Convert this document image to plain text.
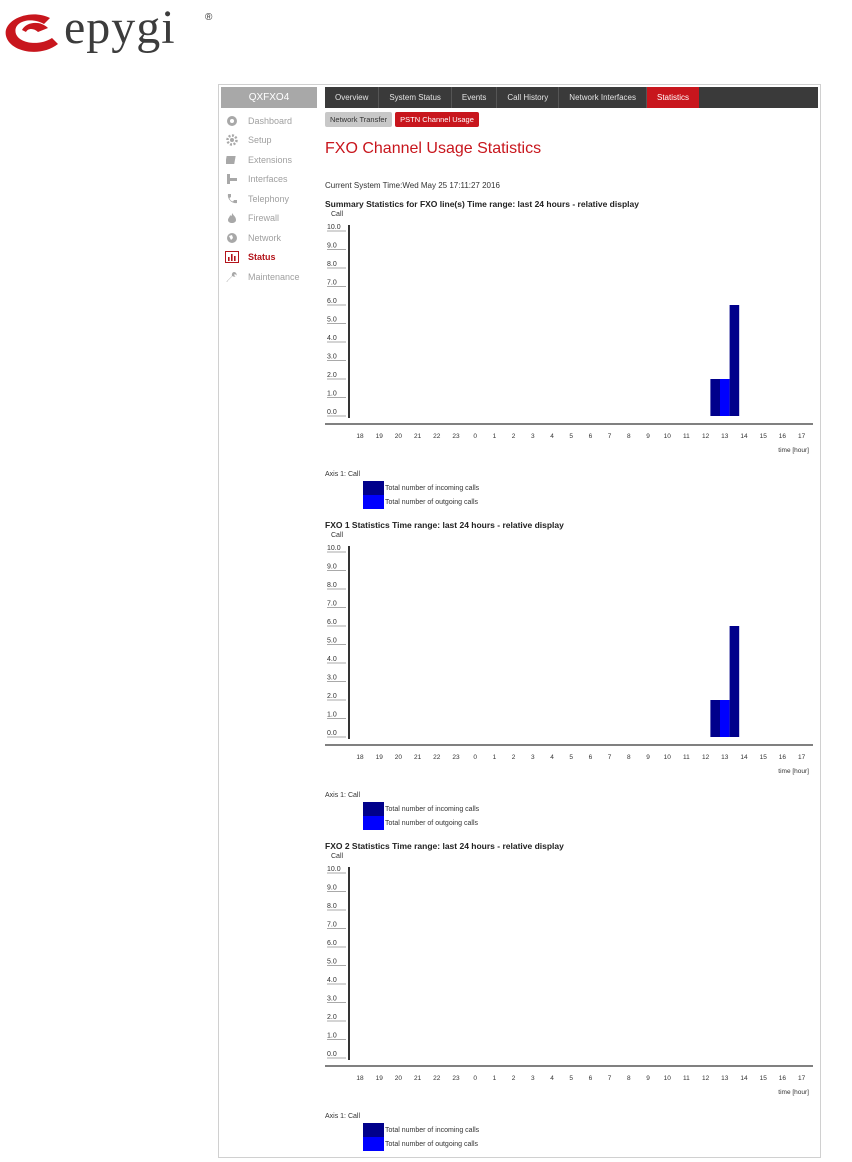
epygi	®
QXFXO4
Dashboard
Setup
Extensions
Interfaces
Telephony
Firewall
Network
Status
Maintenance
Overview	System Status	Events	Call History	Network Interfaces	Statistics
Network Transfer	PSTN Channel Usage
FXO Channel Usage Statistics
Current System Time:Wed May 25 17:11:27 2016
Summary Statistics for FXO line(s) Time range: last 24 hours - relative display
Call
0.0
1.0
2.0
3.0
4.0
5.0
6.0
7.0
8.0
9.0
10.0
18 19 20 21 22 23 0 1 2 3 4 5 6 7 8 9 10 11 12 13 14 15 16 17
time [hour]
Axis 1: Call
Total number of incoming calls
Total number of outgoing calls
FXO 1 Statistics Time range: last 24 hours - relative display
Call
0.0
1.0
2.0
3.0
4.0
5.0
6.0
7.0
8.0
9.0
10.0
18 19 20 21 22 23 0 1 2 3 4 5 6 7 8 9 10 11 12 13 14 15 16 17
time [hour]
Axis 1: Call
Total number of incoming calls
Total number of outgoing calls
FXO 2 Statistics Time range: last 24 hours - relative display
Call
0.0
1.0
2.0
3.0
4.0
5.0
6.0
7.0
8.0
9.0
10.0
18 19 20 21 22 23 0 1 2 3 4 5 6 7 8 9 10 11 12 13 14 15 16 17
time [hour]
Axis 1: Call
Total number of incoming calls
Total number of outgoing calls
